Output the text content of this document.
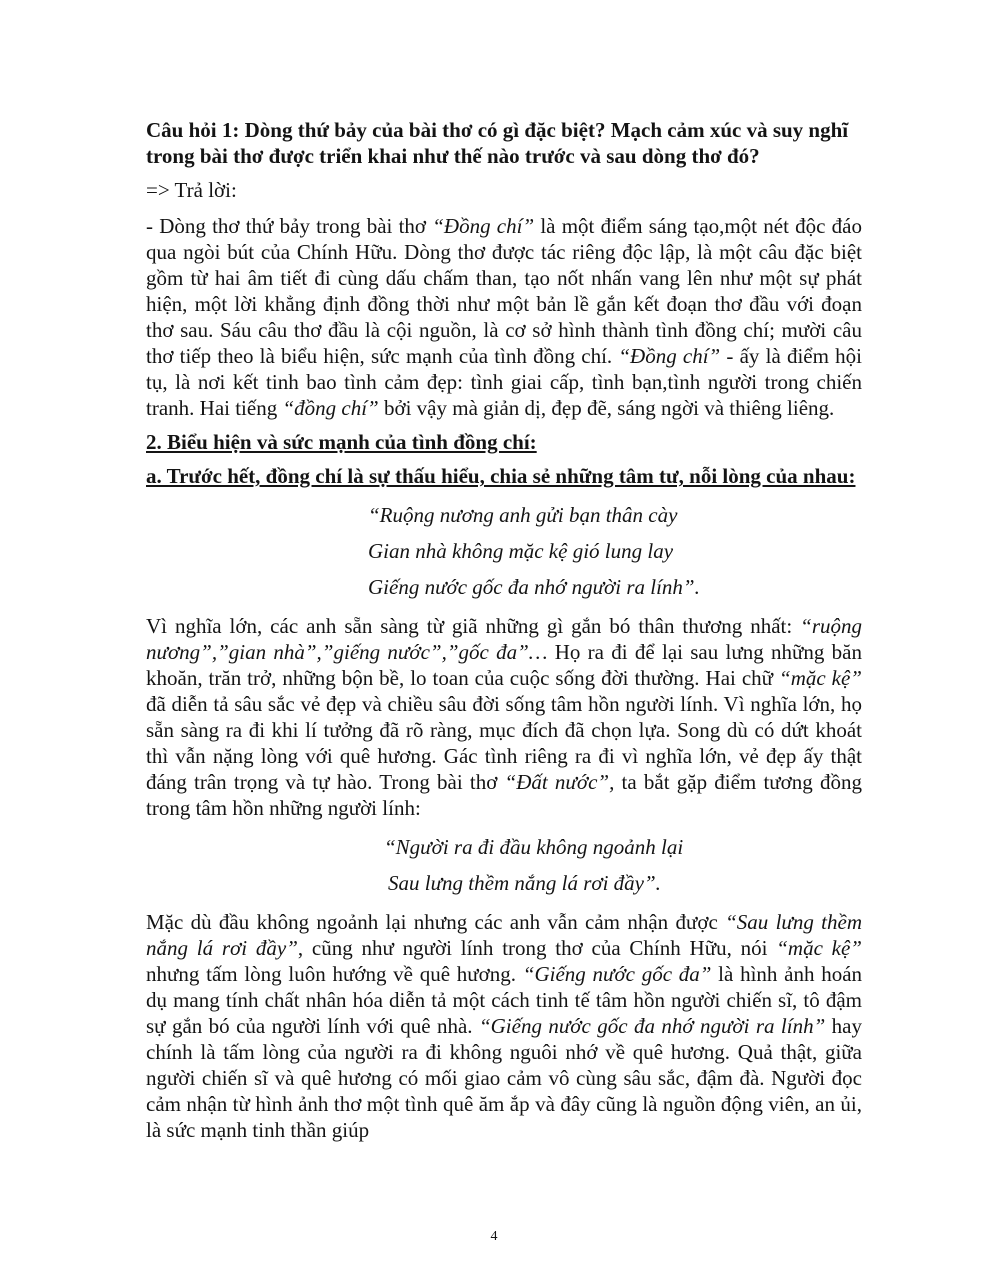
Câu hỏi 1: Dòng thứ bảy của bài thơ có gì đặc biệt? Mạch cảm xúc và suy nghĩ trong bài thơ được triển khai như thế nào trước và sau dòng thơ đó?

=> Trả lời:

- Dòng thơ thứ bảy trong bài thơ “Đồng chí” là một điểm sáng tạo,một nét độc đáo qua ngòi bút của Chính Hữu. Dòng thơ được tác riêng độc lập, là một câu đặc biệt gồm từ hai âm tiết đi cùng dấu chấm than, tạo nốt nhấn vang lên như một sự phát hiện, một lời khẳng định đồng thời như một bản lề gắn kết đoạn thơ đầu với đoạn thơ sau. Sáu câu thơ đầu là cội nguồn, là cơ sở hình thành tình đồng chí; mười câu thơ tiếp theo là biểu hiện, sức mạnh của tình đồng chí. “Đồng chí” - ấy là điểm hội tụ, là nơi kết tinh bao tình cảm đẹp: tình giai cấp, tình bạn,tình người trong chiến tranh. Hai tiếng “đồng chí” bởi vậy mà giản dị, đẹp đẽ, sáng ngời và thiêng liêng.

2. Biểu hiện và sức mạnh của tình đồng chí:

a. Trước hết, đồng chí là sự thấu hiểu, chia sẻ những tâm tư, nỗi lòng của nhau:

“Ruộng nương anh gửi bạn thân cày
Gian nhà không mặc kệ gió lung lay
Giếng nước gốc đa nhớ người ra lính”.

Vì nghĩa lớn, các anh sẵn sàng từ giã những gì gắn bó thân thương nhất: “ruộng nương”,”gian nhà”,”giếng nước”,”gốc đa”… Họ ra đi để lại sau lưng những băn khoăn, trăn trở, những bộn bề, lo toan của cuộc sống đời thường. Hai chữ “mặc kệ” đã diễn tả sâu sắc vẻ đẹp và chiều sâu đời sống tâm hồn người lính. Vì nghĩa lớn, họ sẵn sàng ra đi khi lí tưởng đã rõ ràng, mục đích đã chọn lựa. Song dù có dứt khoát thì vẫn nặng lòng với quê hương. Gác tình riêng ra đi vì nghĩa lớn, vẻ đẹp ấy thật đáng trân trọng và tự hào. Trong bài thơ “Đất nước”, ta bắt gặp điểm tương đồng trong tâm hồn những người lính:

“Người ra đi đầu không ngoảnh lại
Sau lưng thềm nắng lá rơi đầy”.

Mặc dù đầu không ngoảnh lại nhưng các anh vẫn cảm nhận được “Sau lưng thềm nắng lá rơi đầy”, cũng như người lính trong thơ của Chính Hữu, nói “mặc kệ” nhưng tấm lòng luôn hướng về quê hương. “Giếng nước gốc đa” là hình ảnh hoán dụ mang tính chất nhân hóa diễn tả một cách tinh tế tâm hồn người chiến sĩ, tô đậm sự gắn bó của người lính với quê nhà. “Giếng nước gốc đa nhớ người ra lính” hay chính là tấm lòng của người ra đi không nguôi nhớ về quê hương. Quả thật, giữa người chiến sĩ và quê hương có mối giao cảm vô cùng sâu sắc, đậm đà. Người đọc cảm nhận từ hình ảnh thơ một tình quê ăm ắp và đây cũng là nguồn động viên, an ủi, là sức mạnh tinh thần giúp

4
